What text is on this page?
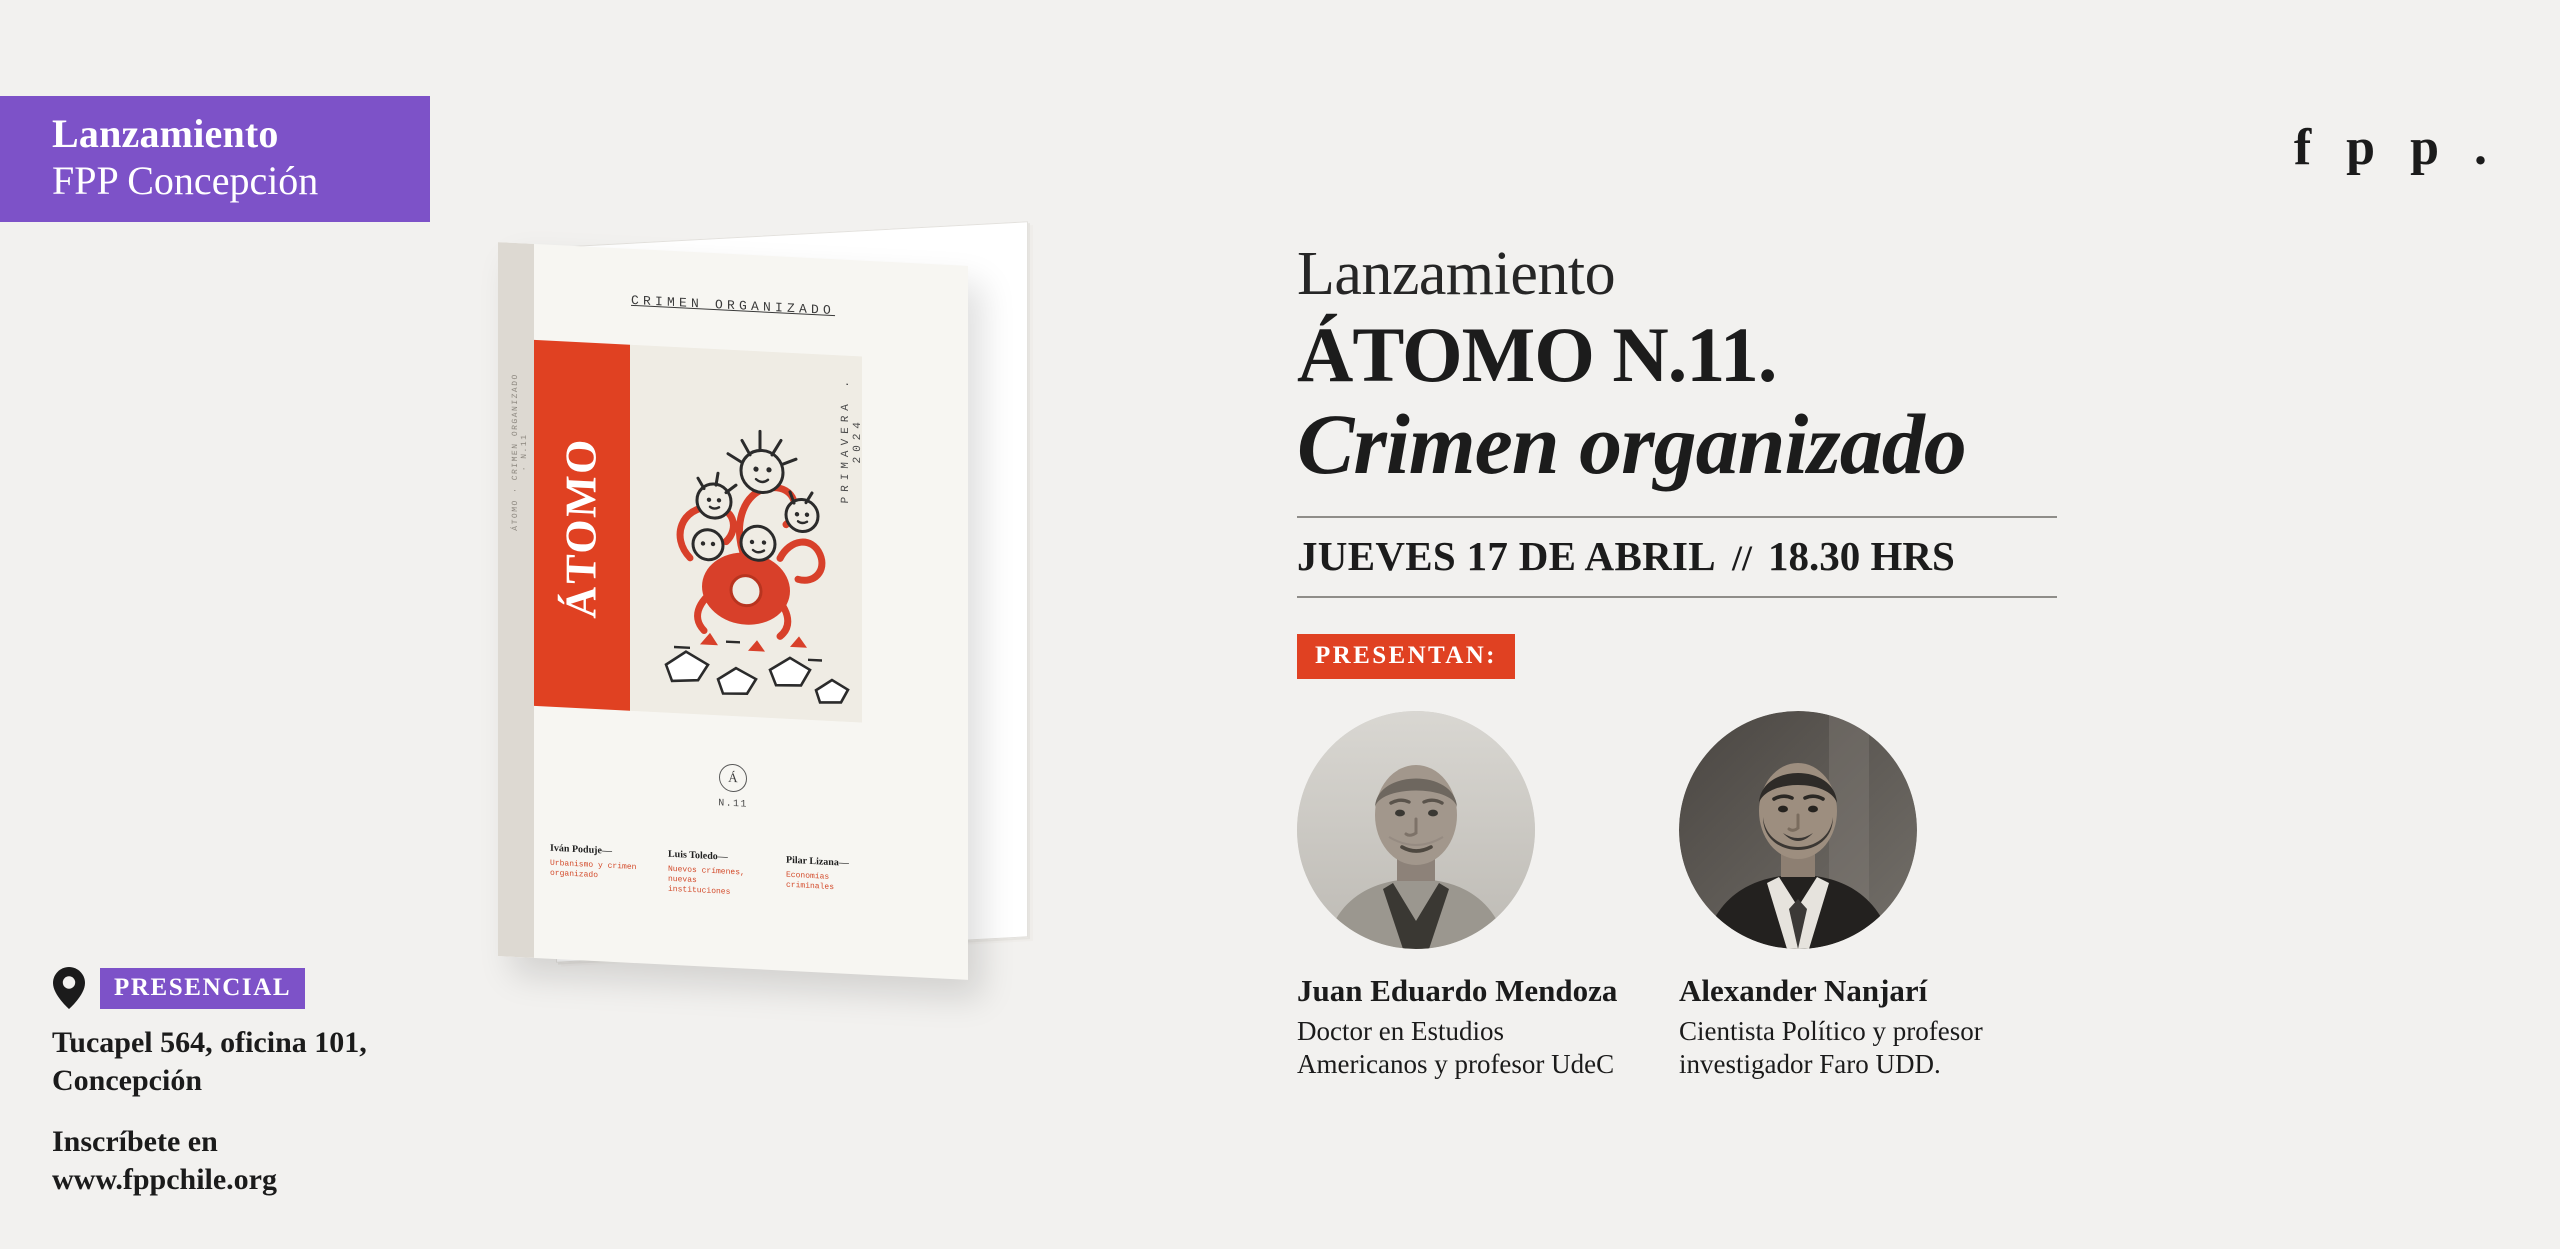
Lanzamiento
FPP Concepción
f p p .
ÁTOMO · CRIMEN ORGANIZADO · N.11
CRIMEN ORGANIZADO
ÁTOMO	PRIMAVERA . 2024
Á
N.11
Iván Poduje—
Urbanismo y crimen organizado
Luis Toledo—
Nuevos crímenes, nuevas instituciones
Pilar Lizana—
Economías criminales
PRESENCIAL
Tucapel 564, oficina 101, Concepción
Inscríbete en
www.fppchile.org
Lanzamiento
ÁTOMO N.11.
Crimen organizado
JUEVES 17 DE ABRIL // 18.30 HRS
PRESENTAN:
Juan Eduardo Mendoza
Doctor en Estudios Americanos y profesor UdeC
Alexander Nanjarí
Cientista Político y profesor investigador Faro UDD.
